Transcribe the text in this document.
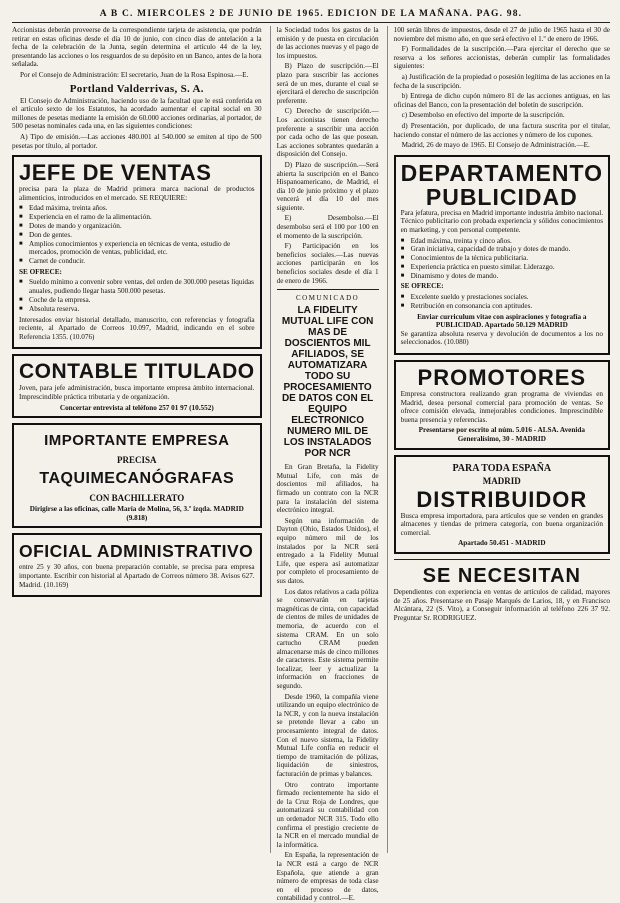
A B C. MIERCOLES 2 DE JUNIO DE 1965. EDICION DE LA MAÑANA. PAG. 98.

Accionistas deberán proveerse de la correspondiente tarjeta de asistencia, que podrán retirar en estas oficinas desde el día 10 de junio, con cinco días de antelación a la fecha de la celebración de la Junta, según determina el artículo 44 de la ley, presentando las acciones o los resguardos de su depósito en un Banco, antes de la hora señalada.

Por el Consejo de Administración: El secretario, Juan de la Rosa Espinosa.—E.

Portland Valderrivas, S. A.

El Consejo de Administración, haciendo uso de la facultad que le está conferida en el artículo sexto de los Estatutos, ha acordado aumentar el capital social en 30 millones de pesetas mediante la emisión de 60.000 acciones ordinarias, al portador, de 500 pesetas nominales cada una, en las siguientes condiciones:

A) Tipo de emisión.—Las acciones 480.001 al 540.000 se emiten al tipo de 500 pesetas por título, al portador.

JEFE DE VENTAS

precisa para la plaza de Madrid primera marca nacional de productos alimenticios, introducidos en el mercado. SE REQUIERE:

■ Edad máxima, treinta años.
■ Experiencia en el ramo de la alimentación.
■ Dotes de mando y organización.
■ Don de gentes.
■ Amplios conocimientos y experiencia en técnicas de venta, estudio de mercados, promoción de ventas, publicidad, etc.
■ Carnet de conducir.

SE OFRECE:

■ Sueldo mínimo a convenir sobre ventas, del orden de 300.000 pesetas líquidas anuales, pudiendo llegar hasta 500.000 pesetas.
■ Coche de la empresa.
■ Absoluta reserva.

Interesados enviar historial detallado, manuscrito, con referencias y fotografía reciente, al Apartado de Correos 10.097, Madrid, indicando en el sobre Referencia 1355. (10.076)

CONTABLE TITULADO

Joven, para jefe administración, busca importante empresa ámbito internacional. Imprescindible práctica tributaria y de organización.

Concertar entrevista al teléfono 257 01 97 (10.552)
IMPORTANTE EMPRESA
PRECISA
TAQUIMECANÓGRAFAS
CON BACHILLERATO
Dirigirse a las oficinas, calle María de Molina, 56, 3.º izqda. MADRID (9.818)
OFICIAL ADMINISTRATIVO

entre 25 y 30 años, con buena preparación contable, se precisa para empresa importante. Escribir con historial al Apartado de Correos número 38. Avisos 627. Madrid. (10.169)

la Sociedad todos los gastos de la emisión y de puesta en circulación de las acciones nuevas y el pago de los impuestos.

B) Plazo de suscripción.—El plazo para suscribir las acciones será de un mes, durante el cual se ejercitará el derecho de suscripción preferente.

C) Derecho de suscripción.—Los accionistas tienen derecho preferente a suscribir una acción por cada ocho de las que posean. Las acciones sobrantes quedarán a disposición del Consejo.

D) Plazo de suscripción.—Será abierta la suscripción en el Banco Hispanoamericano, de Madrid, el día 10 de junio próximo y el plazo vencerá el día 10 del mes siguiente.

E) Desembolso.—El desembolso será el 100 por 100 en el momento de la suscripción.

F) Participación en los beneficios sociales.—Las nuevas acciones participarán en los beneficios sociales desde el día 1 de enero de 1966.

COMUNICADO
LA FIDELITY MUTUAL LIFE CON MAS DE DOSCIENTOS MIL AFILIADOS, SE AUTOMATIZARA TODO SU PROCESAMIENTO DE DATOS CON EL EQUIPO ELECTRONICO NUMERO MIL DE LOS INSTALADOS POR NCR

En Gran Bretaña, la Fidelity Mutual Life, con más de doscientos mil afiliados, ha firmado un contrato con la NCR para la instalación del sistema electrónico integral.

Según una información de Dayton (Ohio, Estados Unidos), el equipo número mil de los instalados por la NCR será entregado a la Fidelity Mutual Life, que espera así automatizar por completo el procesamiento de sus datos.

Los datos relativos a cada póliza se conservarán en tarjetas magnéticas de cinta, con capacidad de cientos de miles de unidades de memoria, de acuerdo con el sistema CRAM. En un solo cartucho CRAM pueden almacenarse más de cinco millones de caracteres. Este sistema permite localizar, leer y actualizar la información en fracciones de segundo.

Desde 1960, la compañía viene utilizando un equipo electrónico de la NCR, y con la nueva instalación se pretende llevar a cabo un procesamiento integral de datos. Con el nuevo sistema, la Fidelity Mutual Life confía en reducir el tiempo de tramitación de pólizas, liquidación de siniestros, facturación de primas y balances.

Otro contrato importante firmado recientemente ha sido el de la Cruz Roja de Londres, que automatizará su contabilidad con un ordenador NCR 315. Todo ello confirma el prestigio creciente de la NCR en el mercado mundial de la informática.

En España, la representación de la NCR está a cargo de NCR Española, que atiende a gran número de empresas de toda clase en el proceso de datos, contabilidad y control.—E.

100 serán libres de impuestos, desde el 27 de julio de 1965 hasta el 30 de noviembre del mismo año, en que será efectivo el 1.º de enero de 1966.

F) Formalidades de la suscripción.—Para ejercitar el derecho que se reserva a los señores accionistas, deberán cumplir las formalidades siguientes:

a) Justificación de la propiedad o posesión legítima de las acciones en la fecha de la suscripción.

b) Entrega de dicho cupón número 81 de las acciones antiguas, en las oficinas del Banco, con la presentación del boletín de suscripción.

c) Desembolso en efectivo del importe de la suscripción.

d) Presentación, por duplicado, de una factura suscrita por el titular, haciendo constar el número de las acciones y número de los cupones.

Madrid, 26 de mayo de 1965. El Consejo de Administración.—E.

DEPARTAMENTO
PUBLICIDAD

Para jefatura, precisa en Madrid importante industria ámbito nacional. Técnico publicitario con probada experiencia y sólidos conocimientos en marketing, y con personal competente.

■ Edad máxima, treinta y cinco años.
■ Gran iniciativa, capacidad de trabajo y dotes de mando.
■ Conocimientos de la técnica publicitaria.
■ Experiencia práctica en puesto similar. Liderazgo.
■ Dinamismo y dotes de mando.

SE OFRECE:

■ Excelente sueldo y prestaciones sociales.
■ Retribución en consonancia con aptitudes.
Enviar curriculum vitae con aspiraciones y fotografía a PUBLICIDAD. Apartado 50.129 MADRID

Se garantiza absoluta reserva y devolución de documentos a los no seleccionados. (10.080)

PROMOTORES

Empresa constructora realizando gran programa de viviendas en Madrid, desea personal comercial para promoción de ventas. Se ofrece comisión elevada, inmejorables condiciones. Imprescindible buena presencia y referencias.

Presentarse por escrito al núm. 5.016 - ALSA. Avenida Generalísimo, 30 - MADRID
PARA TODA ESPAÑA
MADRID
DISTRIBUIDOR

Busca empresa importadora, para artículos que se venden en grandes almacenes y tiendas de primera categoría, con buena organización comercial.

Apartado 50.451 - MADRID
SE NECESITAN

Dependientes con experiencia en ventas de artículos de calidad, mayores de 25 años. Presentarse en Pasaje Marqués de Larios, 18, y en Francisco Alcántara, 22 (S. Vito), a Conseguir información al teléfono 226 37 92. Preguntar Sr. RODRIGUEZ.
